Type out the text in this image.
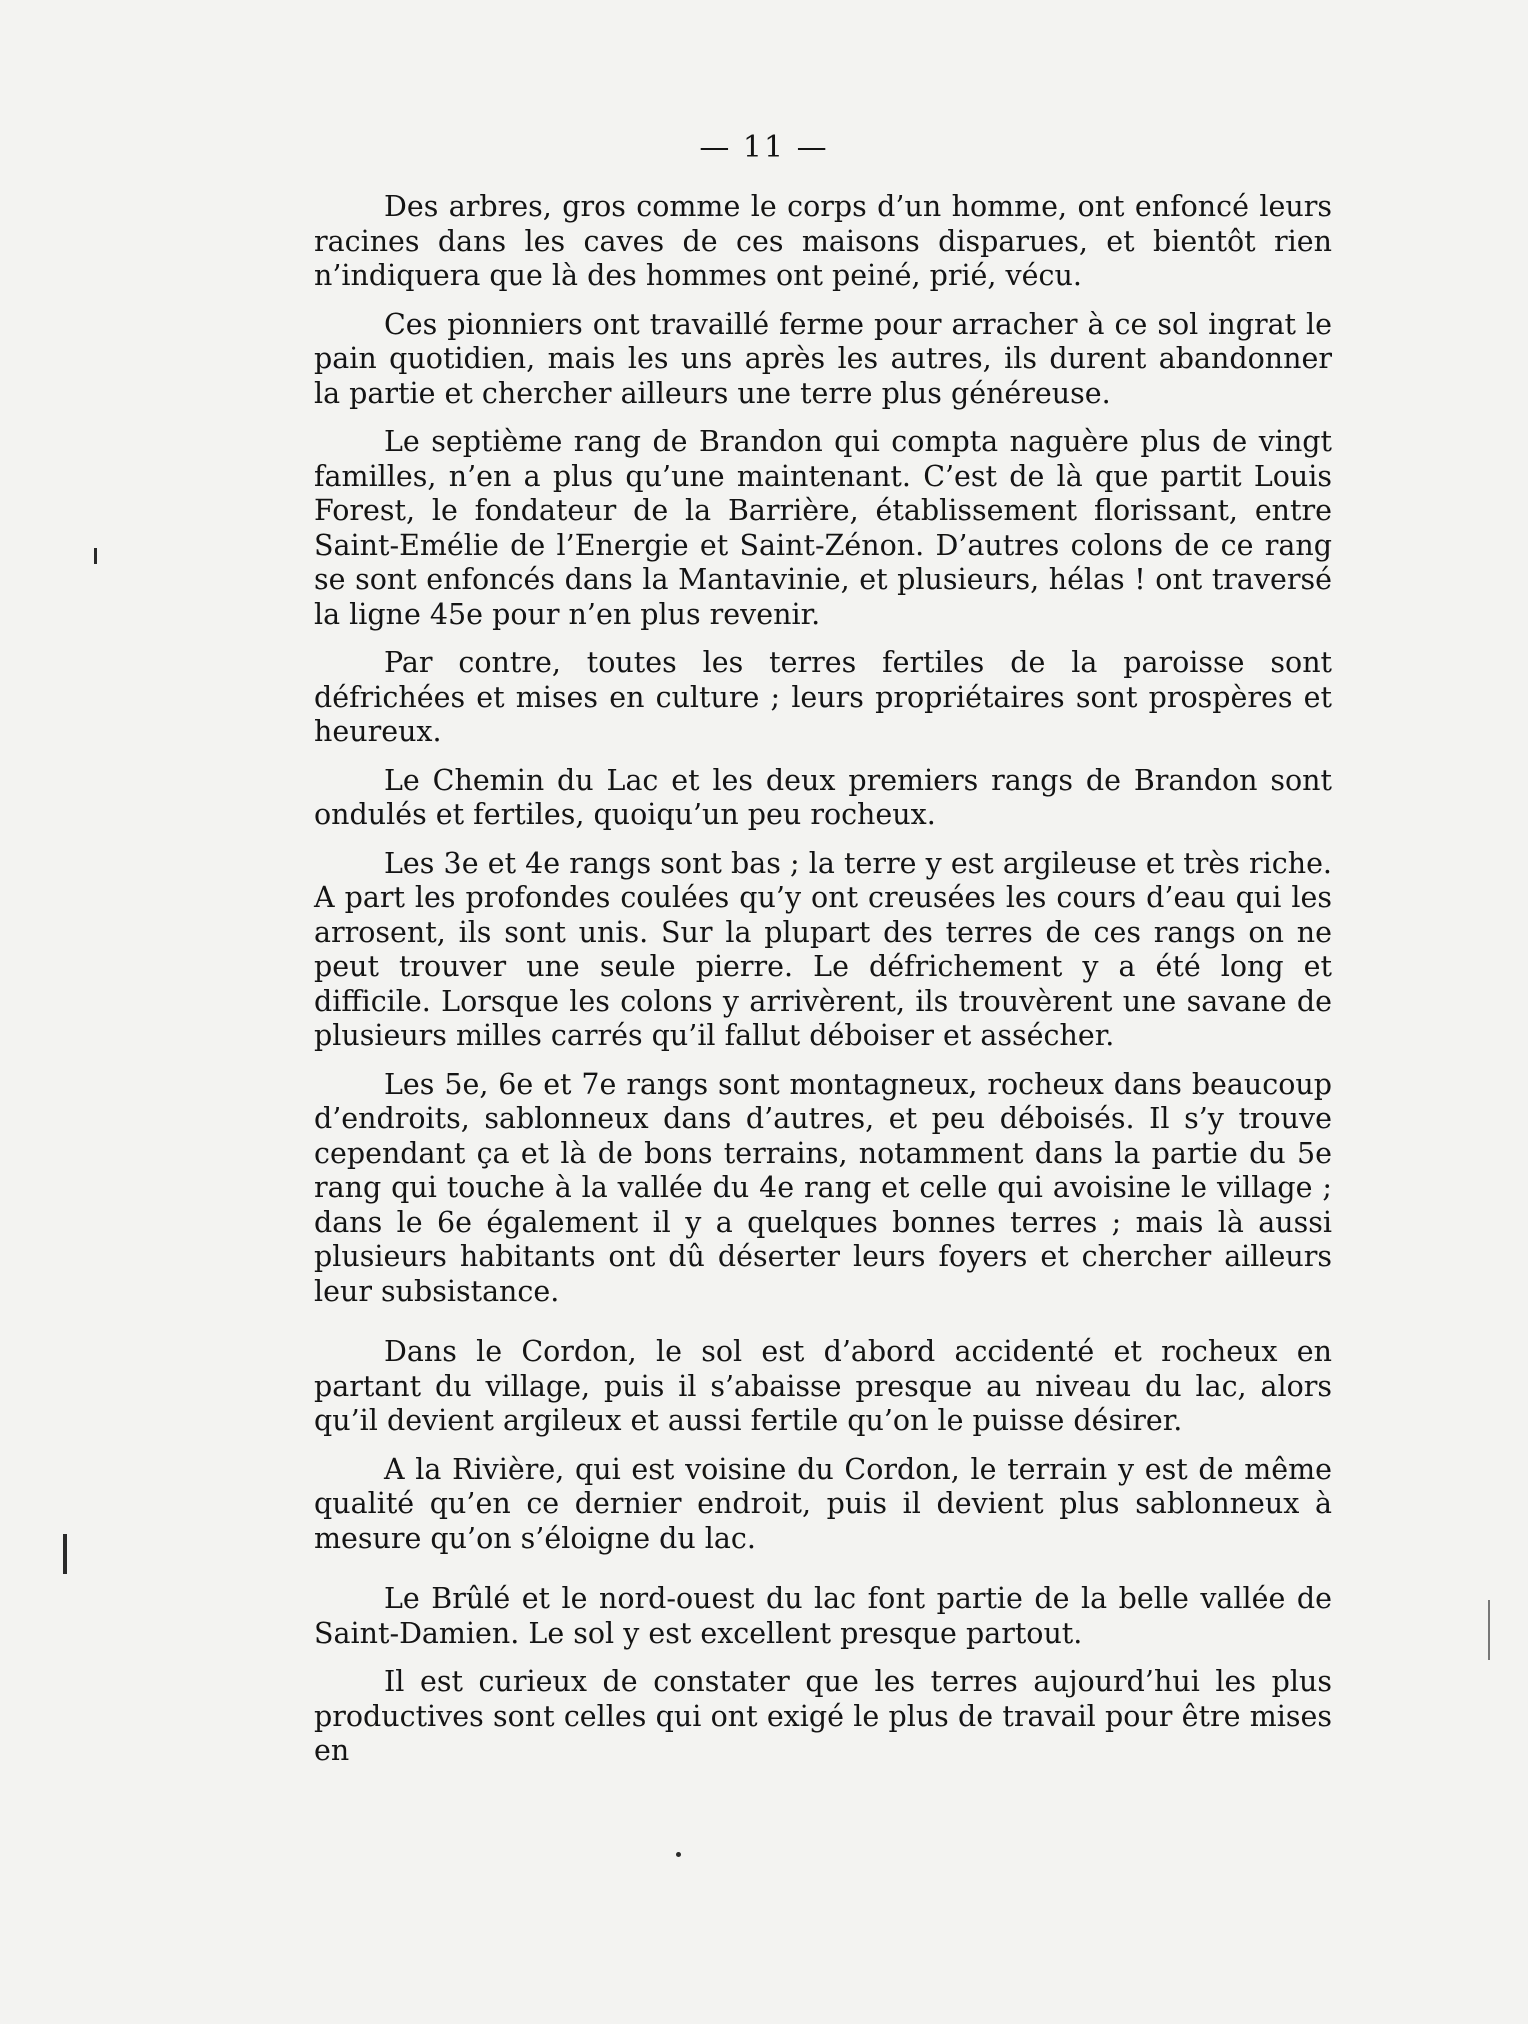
— 11 —

Des arbres, gros comme le corps d’un homme, ont enfoncé leurs racines dans les caves de ces maisons disparues, et bientôt rien n’indiquera que là des hommes ont peiné, prié, vécu.

Ces pionniers ont travaillé ferme pour arracher à ce sol ingrat le pain quotidien, mais les uns après les autres, ils durent abandonner la partie et chercher ailleurs une terre plus généreuse.

Le septième rang de Brandon qui compta naguère plus de vingt familles, n’en a plus qu’une maintenant. C’est de là que partit Louis Forest, le fondateur de la Barrière, établissement florissant, entre Saint-Emélie de l’Energie et Saint-Zénon. D’autres colons de ce rang se sont enfoncés dans la Mantavinie, et plusieurs, hélas ! ont traversé la ligne 45e pour n’en plus revenir.

Par contre, toutes les terres fertiles de la paroisse sont défrichées et mises en culture ; leurs propriétaires sont prospères et heureux.

Le Chemin du Lac et les deux premiers rangs de Brandon sont ondulés et fertiles, quoiqu’un peu rocheux.

Les 3e et 4e rangs sont bas ; la terre y est argileuse et très riche. A part les profondes coulées qu’y ont creusées les cours d’eau qui les arrosent, ils sont unis. Sur la plupart des terres de ces rangs on ne peut trouver une seule pierre. Le défrichement y a été long et difficile. Lorsque les colons y arrivèrent, ils trouvèrent une savane de plusieurs milles carrés qu’il fallut déboiser et assécher.

Les 5e, 6e et 7e rangs sont montagneux, rocheux dans beaucoup d’endroits, sablonneux dans d’autres, et peu déboisés. Il s’y trouve cependant ça et là de bons terrains, notamment dans la partie du 5e rang qui touche à la vallée du 4e rang et celle qui avoisine le village ; dans le 6e également il y a quelques bonnes terres ; mais là aussi plusieurs habitants ont dû déserter leurs foyers et chercher ailleurs leur subsistance.

Dans le Cordon, le sol est d’abord accidenté et rocheux en partant du village, puis il s’abaisse presque au niveau du lac, alors qu’il devient argileux et aussi fertile qu’on le puisse désirer.

A la Rivière, qui est voisine du Cordon, le terrain y est de même qualité qu’en ce dernier endroit, puis il devient plus sablonneux à mesure qu’on s’éloigne du lac.

Le Brûlé et le nord-ouest du lac font partie de la belle vallée de Saint-Damien. Le sol y est excellent presque partout.

Il est curieux de constater que les terres aujourd’hui les plus productives sont celles qui ont exigé le plus de travail pour être mises en
